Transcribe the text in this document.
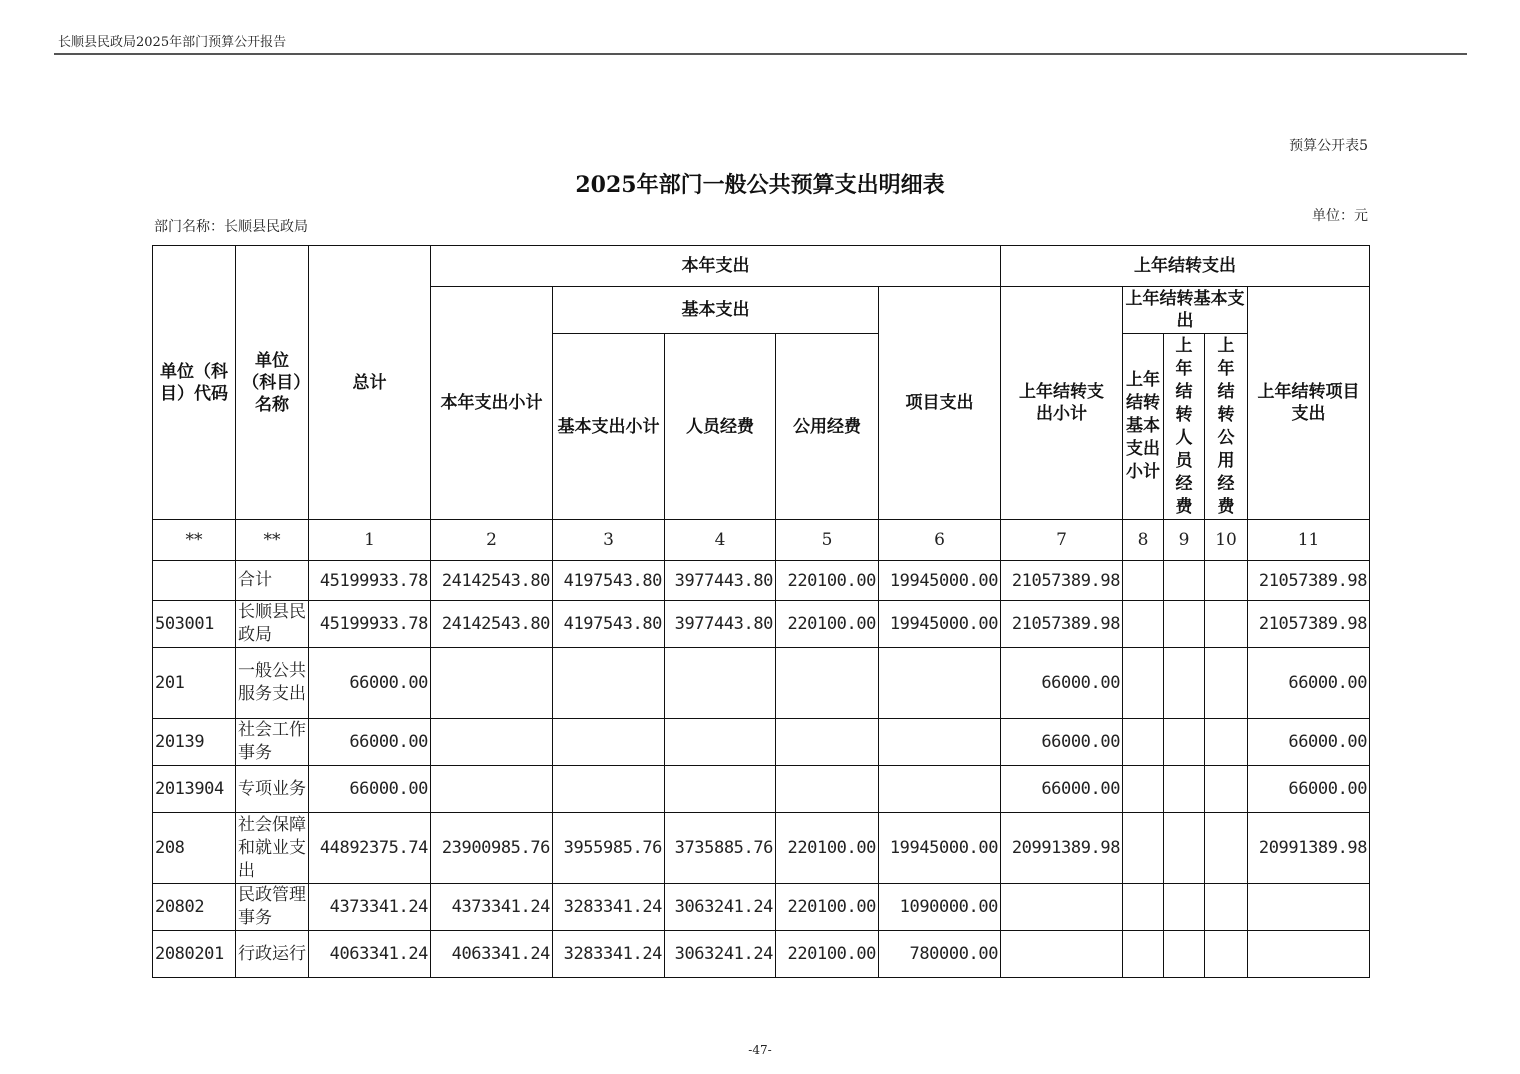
长顺县民政局2025年部门预算公开报告
预算公开表5
2025年部门一般公共预算支出明细表
部门名称：长顺县民政局
单位：元
单位（科目）代码	单位（科目）名称	总计	本年支出					上年结转支出				
			本年支出小计	基本支出			项目支出	上年结转支出小计	上年结转基本支出			上年结转项目支出
				基本支出小计	人员经费	公用经费			上年结转基本支出小计	上年结转人员经费	上年结转公用经费	

**	**	1	2	3	4	5	6	7	8	9	10	11
	合计	45199933.78	24142543.80	4197543.80	3977443.80	220100.00	19945000.00	21057389.98				21057389.98
503001	长顺县民政局	45199933.78	24142543.80	4197543.80	3977443.80	220100.00	19945000.00	21057389.98				21057389.98
201	一般公共服务支出	66000.00						66000.00				66000.00
20139	社会工作事务	66000.00						66000.00				66000.00
2013904	专项业务	66000.00						66000.00				66000.00
208	社会保障和就业支出	44892375.74	23900985.76	3955985.76	3735885.76	220100.00	19945000.00	20991389.98				20991389.98
20802	民政管理事务	4373341.24	4373341.24	3283341.24	3063241.24	220100.00	1090000.00					
2080201	行政运行	4063341.24	4063341.24	3283341.24	3063241.24	220100.00	780000.00					
-47-
